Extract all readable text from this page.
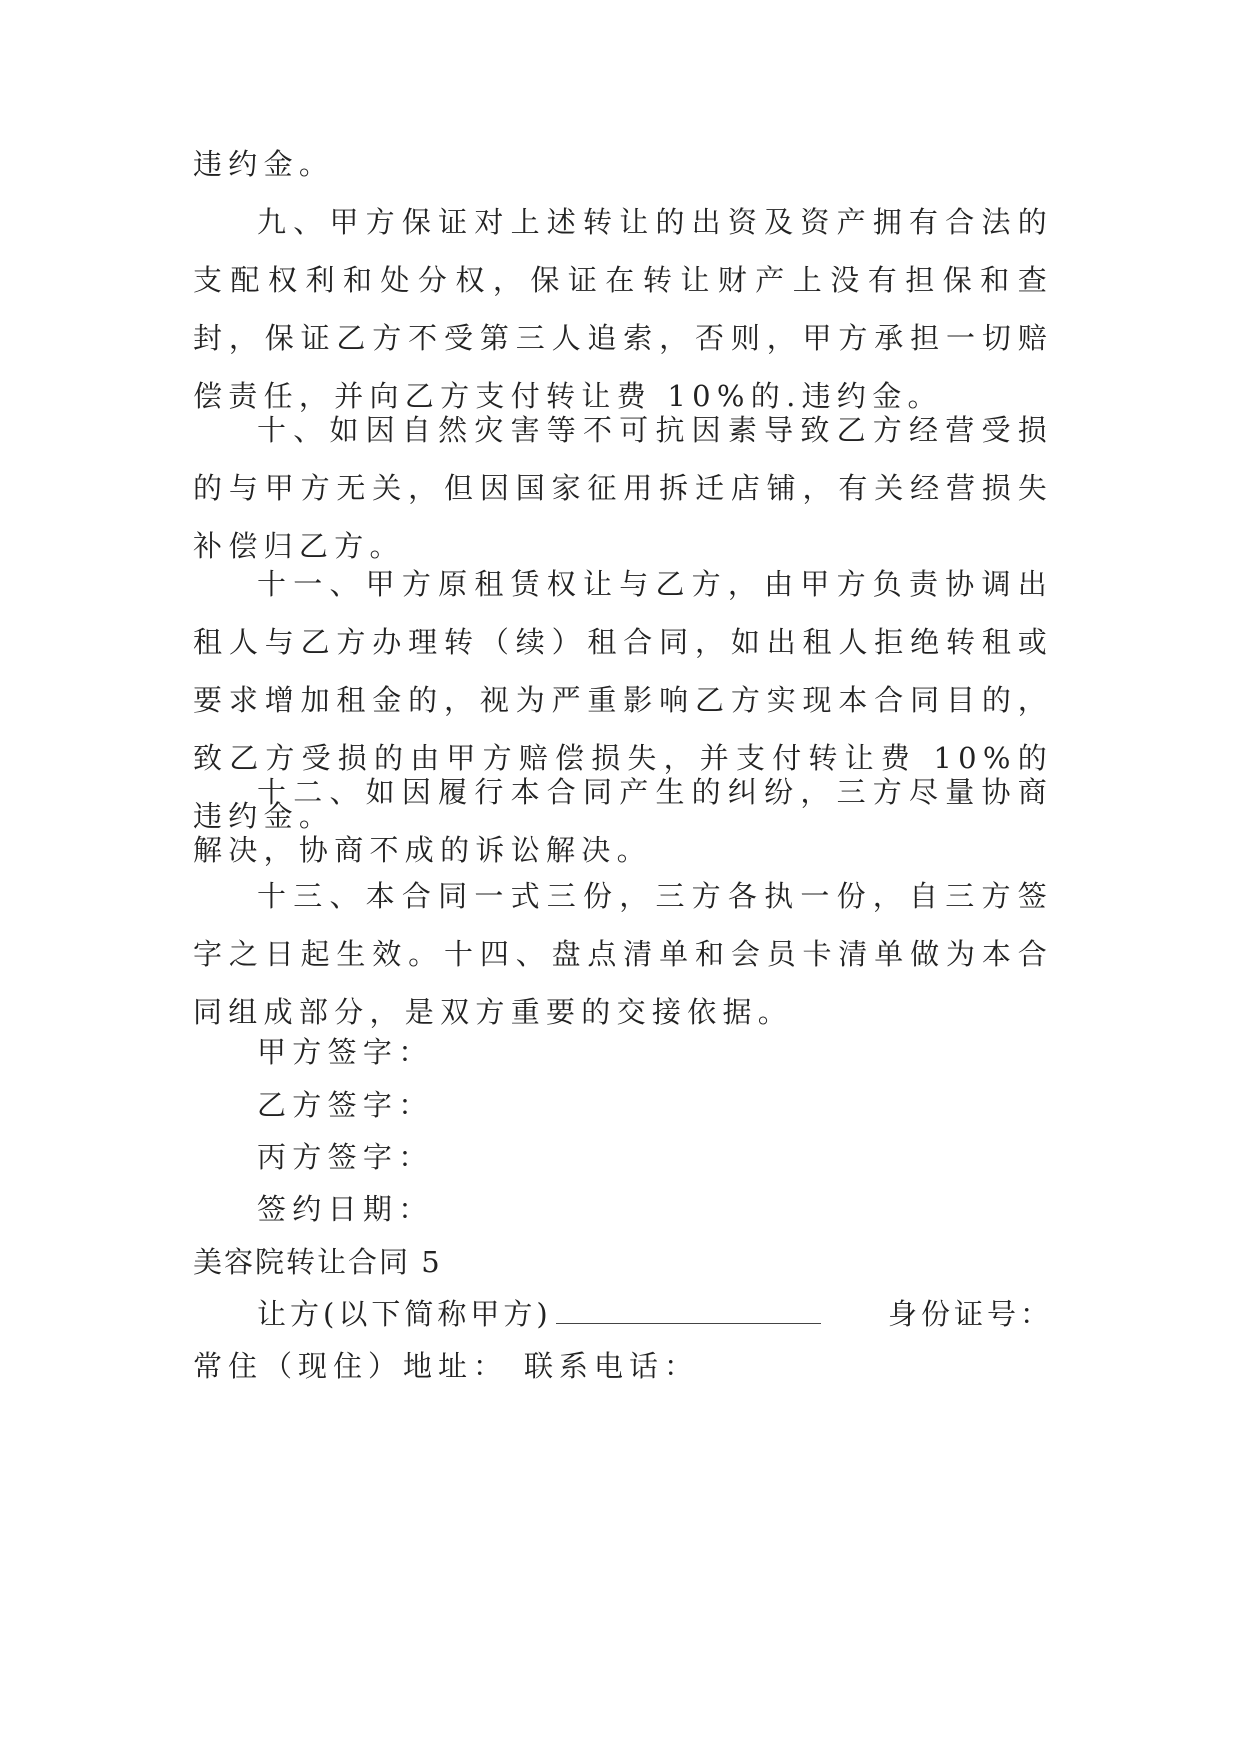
违约金。

九、甲方保证对上述转让的出资及资产拥有合法的支配权利和处分权，保证在转让财产上没有担保和查封，保证乙方不受第三人追索，否则，甲方承担一切赔偿责任，并向乙方支付转让费 10%的.违约金。

十、如因自然灾害等不可抗因素导致乙方经营受损的与甲方无关，但因国家征用拆迁店铺，有关经营损失补偿归乙方。

十一、甲方原租赁权让与乙方，由甲方负责协调出租人与乙方办理转（续）租合同，如出租人拒绝转租或要求增加租金的，视为严重影响乙方实现本合同目的，致乙方受损的由甲方赔偿损失，并支付转让费 10%的违约金。

十二、如因履行本合同产生的纠纷，三方尽量协商解决，协商不成的诉讼解决。

十三、本合同一式三份，三方各执一份，自三方签字之日起生效。十四、盘点清单和会员卡清单做为本合同组成部分，是双方重要的交接依据。

甲方签字：

乙方签字：

丙方签字：

签约日期：

美容院转让合同 5

让方(以下简称甲方)	身份证号：

常住（现住）地址： 联系电话：
